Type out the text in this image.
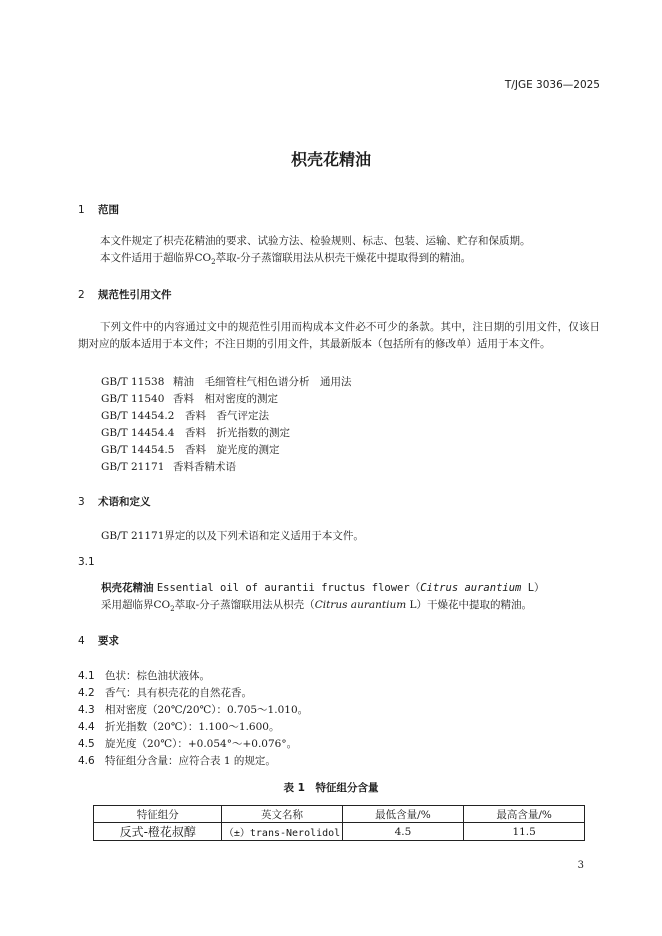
T/JGE 3036—2025
枳壳花精油
1 范围
本文件规定了枳壳花精油的要求、试验方法、检验规则、标志、包装、运输、贮存和保质期。
本文件适用于超临界$CO_2$萃取-分子蒸馏联用法从枳壳干燥花中提取得到的精油。
2 规范性引用文件
下列文件中的内容通过文中的规范性引用而构成本文件必不可少的条款。其中，注日期的引用文件，仅该日期对应的版本适用于本文件；不注日期的引用文件，其最新版本（包括所有的修改单）适用于本文件。
GB/T 11538 精油　毛细管柱气相色谱分析　通用法
GB/T 11540 香料　相对密度的测定
GB/T 14454.2 香料　香气评定法
GB/T 14454.4 香料　折光指数的测定
GB/T 14454.5 香料　旋光度的测定
GB/T 21171 香料香精术语
3 术语和定义
GB/T 21171界定的以及下列术语和定义适用于本文件。
3.1
枳壳花精油 Essential oil of aurantii fructus flower（Citrus aurantium L）
采用超临界$CO_2$萃取-分子蒸馏联用法从枳壳（Citrus aurantium L）干燥花中提取的精油。
4 要求
4.1 色状：棕色油状液体。
4.2 香气：具有枳壳花的自然花香。
4.3 相对密度（20℃/20℃）：0.705～1.010。
4.4 折光指数（20℃）：1.100～1.600。
4.5 旋光度（20℃）：+0.054°～+0.076°。
4.6 特征组分含量：应符合表 1 的规定。
表 1　特征组分含量
特征组分	英文名称	最低含量/%	最高含量/%
反式-橙花叔醇	（±）trans-Nerolidol	4.5	11.5
3
